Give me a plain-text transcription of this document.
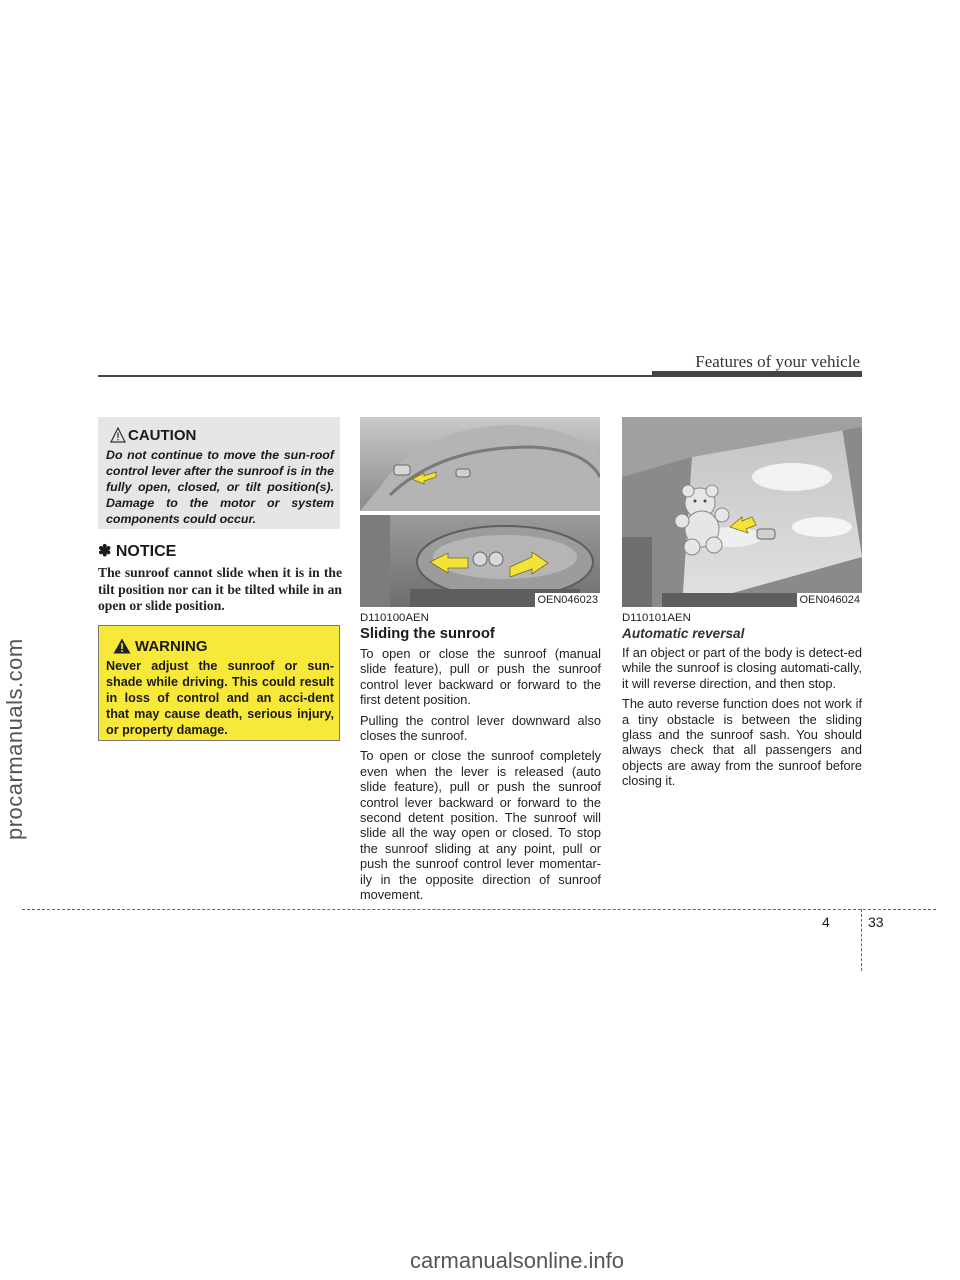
Features of your vehicle
procarmanuals.com
carmanualsonline.info
CAUTION
Do not continue to move the sun-roof control lever after the sunroof is in the fully open, closed, or tilt position(s). Damage to the motor or system components could occur.
✽ NOTICE
The sunroof cannot slide when it is in the tilt position nor can it be tilted while in an open or slide position.
WARNING
Never adjust the sunroof or sun-shade while driving. This could result in loss of control and an acci-dent that may cause death, serious injury, or property damage.
OEN046023	OEN046024
D110100AEN
Sliding the sunroof

To open or close the sunroof (manual slide feature), pull or push the sunroof control lever backward or forward to the first detent position.

Pulling the control lever downward also closes the sunroof.

To open or close the sunroof completely even when the lever is released (auto slide feature), pull or push the sunroof control lever backward or forward to the second detent position. The sunroof will slide all the way open or closed. To stop the sunroof sliding at any point, pull or push the sunroof control lever momentar-ily in the opposite direction of sunroof movement.

D110101AEN
Automatic reversal

If an object or part of the body is detect-ed while the sunroof is closing automati-cally, it will reverse direction, and then stop.

The auto reverse function does not work if a tiny obstacle is between the sliding glass and the sunroof sash. You should always check that all passengers and objects are away from the sunroof before closing it.

4	33
